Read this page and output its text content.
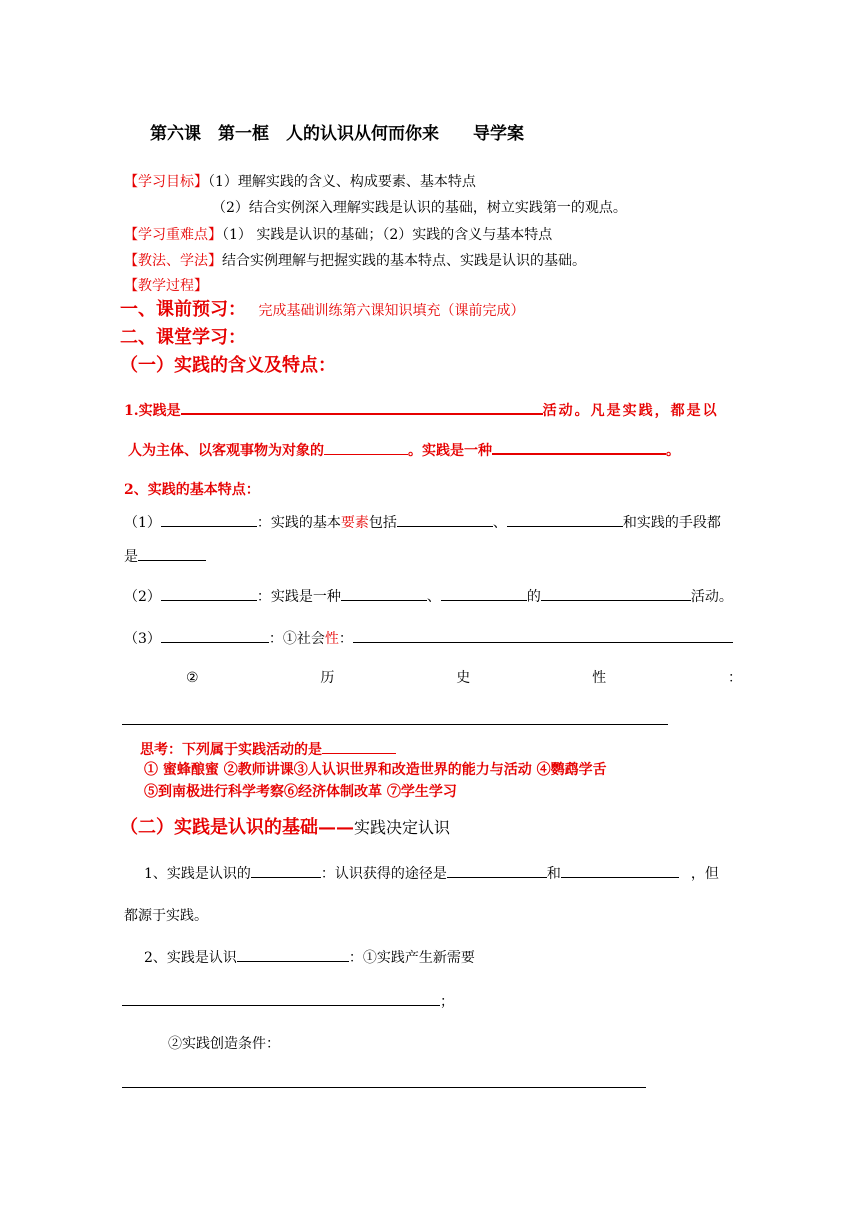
第六课　第一框　人的认识从何而你来　　导学案
【学习目标】（1）理解实践的含义、构成要素、基本特点
（2）结合实例深入理解实践是认识的基础，树立实践第一的观点。
【学习重难点】（1） 实践是认识的基础；（2）实践的含义与基本特点
【教法、学法】结合实例理解与把握实践的基本特点、实践是认识的基础。
【教学过程】
一、课前预习： 完成基础训练第六课知识填充（课前完成）
二、课堂学习：
（一）实践的含义及特点：
1.实践是	活动。凡是实践，都是以
人为主体、以客观事物为对象的	。实践是一种	。
2、实践的基本特点：
（1）	：实践的基本要素包括	、	和实践的手段都
是
（2）	：实践是一种	、	的	活动。
（3）	：①社会性：
②	历	史	性	：
思考：下列属于实践活动的是
① 蜜蜂酿蜜 ②教师讲课③人认识世界和改造世界的能力与活动 ④鹦鹉学舌
⑤到南极进行科学考察⑥经济体制改革 ⑦学生学习
（二）实践是认识的基础——实践决定认识
1、实践是认识的	：认识获得的途径是	和	，但
都源于实践。
2、实践是认识	：①实践产生新需要
；
②实践创造条件：
